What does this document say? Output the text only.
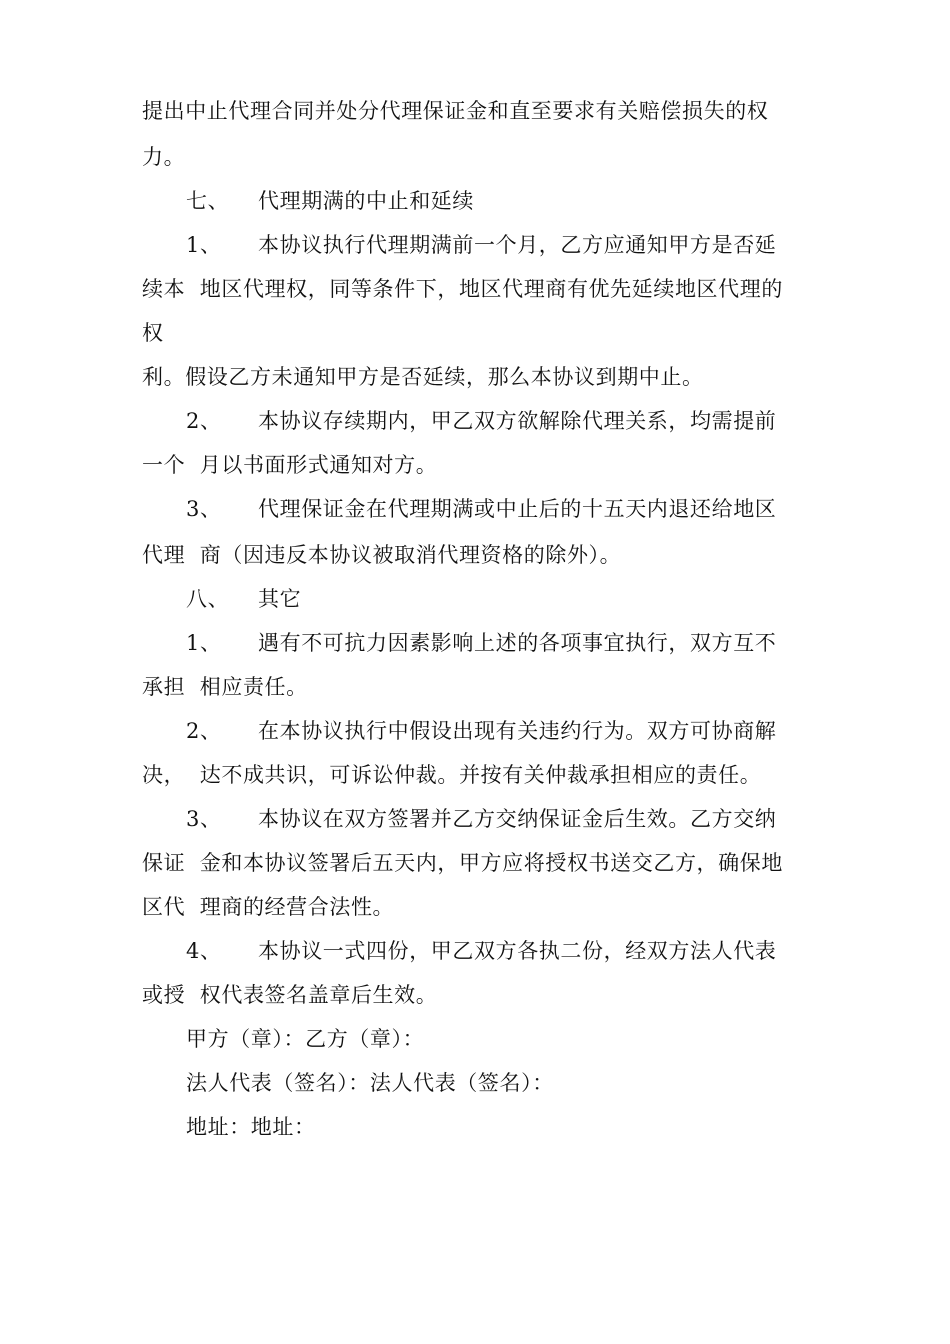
提出中止代理合同并处分代理保证金和直至要求有关赔偿损失的权
力。
七、 代理期满的中止和延续
1、 本协议执行代理期满前一个月，乙方应通知甲方是否延
续本  地区代理权，同等条件下，地区代理商有优先延续地区代理的
权
利。假设乙方未通知甲方是否延续，那么本协议到期中止。
2、 本协议存续期内，甲乙双方欲解除代理关系，均需提前
一个  月以书面形式通知对方。
3、 代理保证金在代理期满或中止后的十五天内退还给地区
代理  商（因违反本协议被取消代理资格的除外）。
八、 其它
1、 遇有不可抗力因素影响上述的各项事宜执行，双方互不
承担  相应责任。
2、 在本协议执行中假设出现有关违约行为。双方可协商解
决，  达不成共识，可诉讼仲裁。并按有关仲裁承担相应的责任。
3、 本协议在双方签署并乙方交纳保证金后生效。乙方交纳
保证  金和本协议签署后五天内，甲方应将授权书送交乙方，确保地
区代  理商的经营合法性。
4、 本协议一式四份，甲乙双方各执二份，经双方法人代表
或授  权代表签名盖章后生效。
甲方（章）：乙方（章）：
法人代表（签名）：法人代表（签名）：
地址：地址：
